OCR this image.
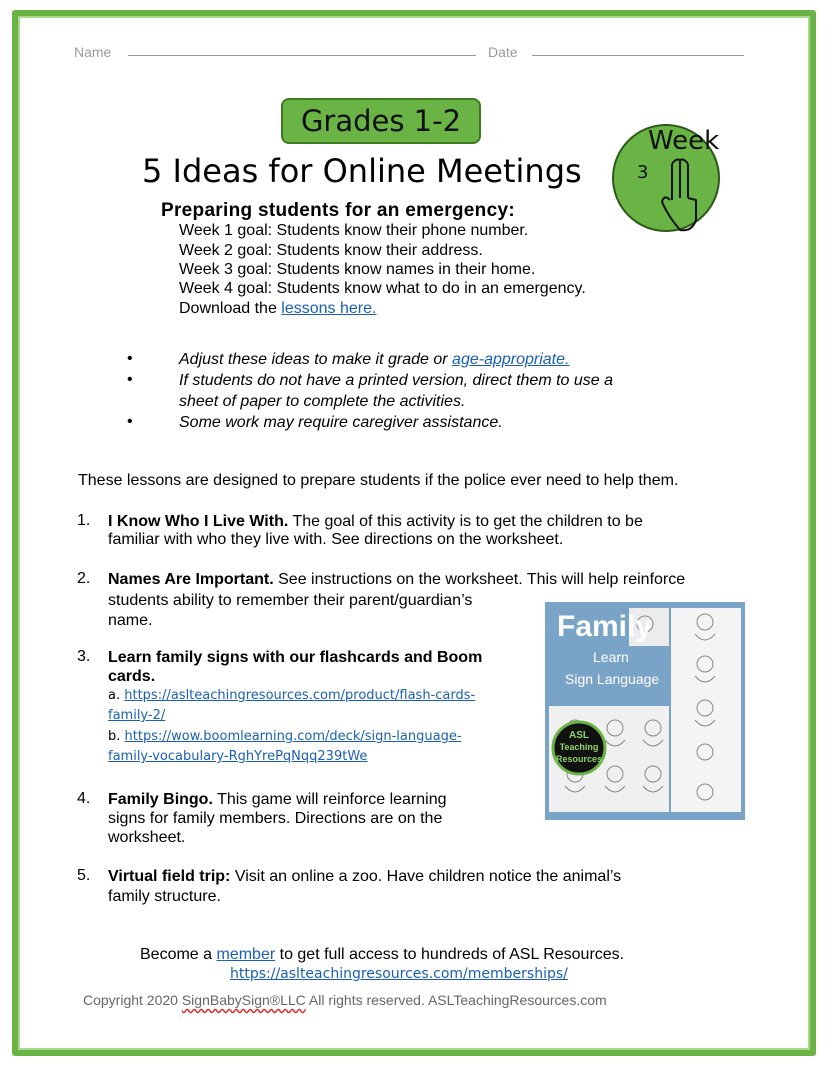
Name	Date
Grades 1-2
5 Ideas for Online Meetings
Week
3
Preparing students for an emergency:
Week 1 goal: Students know their phone number.
Week 2 goal: Students know their address.
Week 3 goal: Students know names in their home.
Week 4 goal: Students know what to do in an emergency.
Download the lessons here.
•	Adjust these ideas to make it grade or age-appropriate.
•	If students do not have a printed version, direct them to use a
sheet of paper to complete the activities.
•	Some work may require caregiver assistance.
These lessons are designed to prepare students if the police ever need to help them.
1. I Know Who I Live With. The goal of this activity is to get the children to be
familiar with who they live with. See directions on the worksheet.
2. Names Are Important. See instructions on the worksheet. This will help reinforce
students ability to remember their parent/guardian’s
name.
3. Learn family signs with our flashcards and Boom
cards.
a. https://aslteachingresources.com/product/flash-cards-
family-2/
b. https://wow.boomlearning.com/deck/sign-language-
family-vocabulary-RghYrePqNqq239tWe
4. Family Bingo. This game will reinforce learning
signs for family members. Directions are on the
worksheet.
5. Virtual field trip: Visit an online a zoo. Have children notice the animal’s
family structure.
Family
Learn
Sign Language
ASL
Teaching
Resources
Become a member to get full access to hundreds of ASL Resources.
https://aslteachingresources.com/memberships/
Copyright 2020 SignBabySign®LLC All rights reserved. ASLTeachingResources.com
